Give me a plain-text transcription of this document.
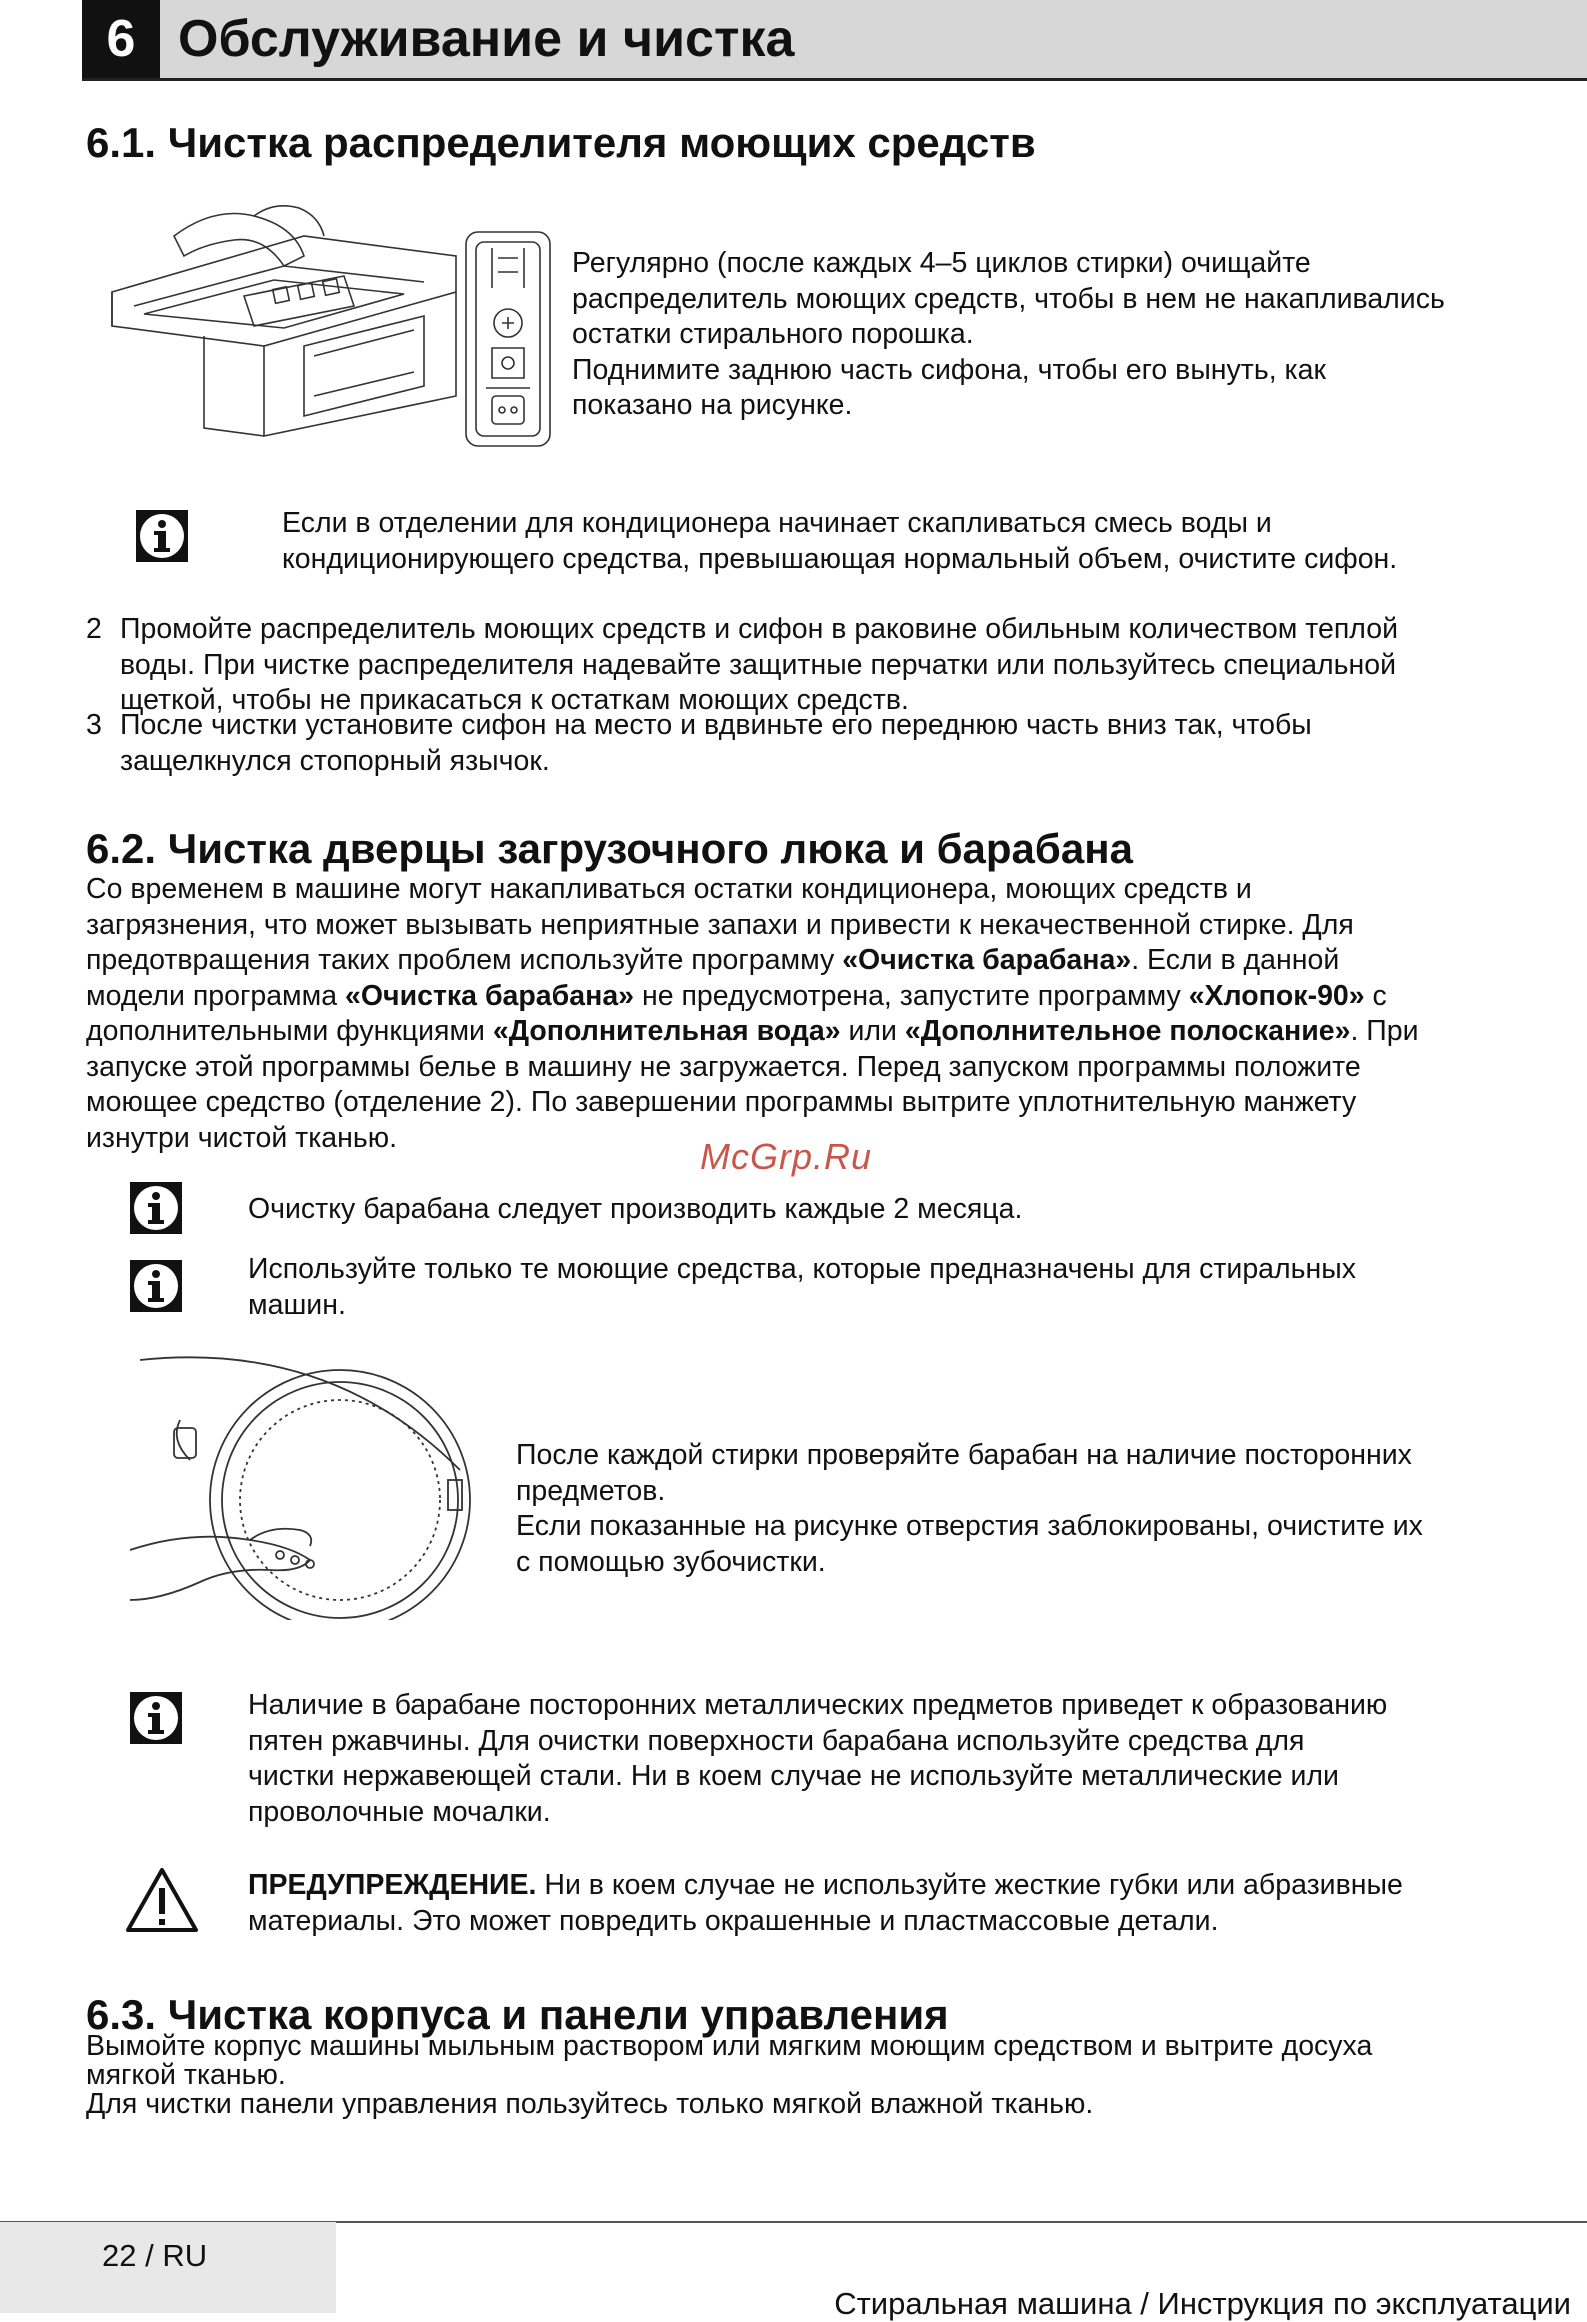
6 Обслуживание и чистка
6.1. Чистка распределителя моющих средств
Регулярно (после каждых 4–5 циклов стирки) очищайте
распределитель моющих средств, чтобы в нем не накапливались
остатки стирального порошка.
Поднимите заднюю часть сифона, чтобы его вынуть, как
показано на рисунке.
Если в отделении для кондиционера начинает скапливаться смесь воды и
кондиционирующего средства, превышающая нормальный объем, очистите сифон.
2 Промойте распределитель моющих средств и сифон в раковине обильным количеством теплой
воды. При чистке распределителя надевайте защитные перчатки или пользуйтесь специальной
щеткой, чтобы не прикасаться к остаткам моющих средств.
3 После чистки установите сифон на место и вдвиньте его переднюю часть вниз так, чтобы
защелкнулся стопорный язычок.
6.2. Чистка дверцы загрузочного люка и барабана
Со временем в машине могут накапливаться остатки кондиционера, моющих средств и
загрязнения, что может вызывать неприятные запахи и привести к некачественной стирке. Для
предотвращения таких проблем используйте программу «Очистка барабана». Если в данной
модели программа «Очистка барабана» не предусмотрена, запустите программу «Хлопок-90» с
дополнительными функциями «Дополнительная вода» или «Дополнительное полоскание». При
запуске этой программы белье в машину не загружается. Перед запуском программы положите
моющее средство (отделение 2). По завершении программы вытрите уплотнительную манжету
изнутри чистой тканью.	McGrp.Ru
Очистку барабана следует производить каждые 2 месяца.
Используйте только те моющие средства, которые предназначены для стиральных
машин.
После каждой стирки проверяйте барабан на наличие посторонних
предметов.
Если показанные на рисунке отверстия заблокированы, очистите их
с помощью зубочистки.
Наличие в барабане посторонних металлических предметов приведет к образованию
пятен ржавчины. Для очистки поверхности барабана используйте средства для
чистки нержавеющей стали. Ни в коем случае не используйте металлические или
проволочные мочалки.
ПРЕДУПРЕЖДЕНИЕ. Ни в коем случае не используйте жесткие губки или абразивные
материалы. Это может повредить окрашенные и пластмассовые детали.
6.3. Чистка корпуса и панели управления
Вымойте корпус машины мыльным раствором или мягким моющим средством и вытрите досуха
мягкой тканью.
Для чистки панели управления пользуйтесь только мягкой влажной тканью.
22 / RU
Стиральная машина / Инструкция по эксплуатации
